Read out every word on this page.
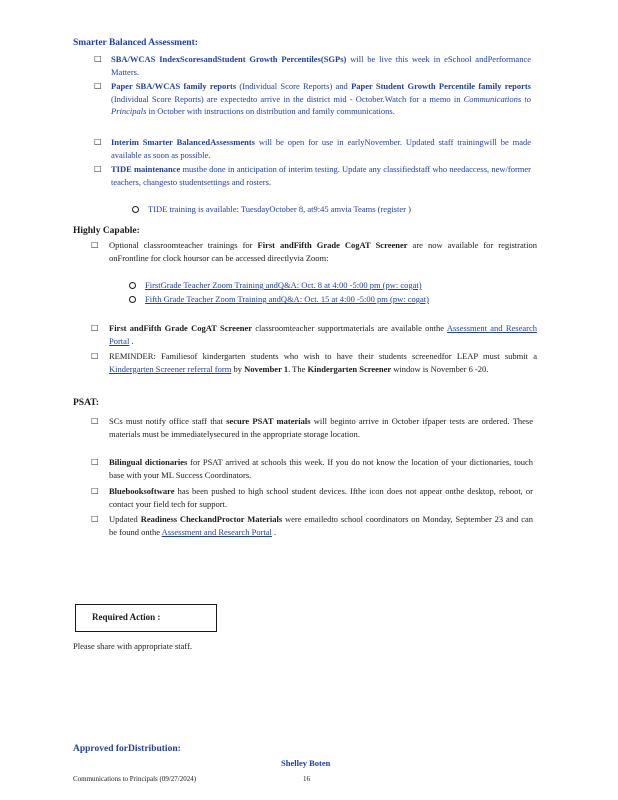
Smarter Balanced Assessment:
□ SBA/WCAS IndexScoresandStudent Growth Percentiles(SGPs) will be live this week in eSchool andPerformance Matters.
□ Paper SBA/WCAS family reports (Individual Score Reports) and Paper Student Growth Percentile family reports (Individual Score Reports) are expectedto arrive in the district mid - October.Watch for a memo in Communications to Principals in October with instructions on distribution and family communications.
□ Interim Smarter BalancedAssessments will be open for use in earlyNovember. Updated staff trainingwill be made available as soon as possible.
□ TIDE maintenance mustbe done in anticipation of interim testing. Update any classifiedstaff who needaccess, new/former teachers, changesto studentsettings and rosters.
TIDE training is available: TuesdayOctober 8, at9:45 amvia Teams (register )
Highly Capable:
□ Optional classroomteacher trainings for First andFifth Grade CogAT Screener are now available for registration onFrontline for clock hoursor can be accessed directlyvia Zoom:
FirstGrade Teacher Zoom Training andQ&A: Oct. 8 at 4:00 -5:00 pm (pw: cogat)
Fifth Grade Teacher Zoom Training andQ&A: Oct. 15 at 4:00 -5:00 pm (pw: cogat)
□ First andFifth Grade CogAT Screener classroomteacher supportmaterials are available onthe Assessment and Research Portal .
□ REMINDER: Familiesof kindergarten students who wish to have their students screenedfor LEAP must submit a Kindergarten Screener referral form by November 1. The Kindergarten Screener window is November 6 -20.
PSAT:
□ SCs must notify office staff that secure PSAT materials will beginto arrive in October ifpaper tests are ordered. These materials must be immediatelysecured in the appropriate storage location.
□ Bilingual dictionaries for PSAT arrived at schools this week. If you do not know the location of your dictionaries, touch base with your ML Success Coordinators.
□ Bluebooksoftware has been pushed to high school student devices. Ifthe icon does not appear onthe desktop, reboot, or contact your field tech for support.
□ Updated Readiness CheckandProctor Materials were emailedto school coordinators on Monday, September 23 and can be found onthe Assessment and Research Portal .
Required Action :
Please share with appropriate staff.
Approved forDistribution:
Shelley Boten
Communications to Principals (09/27/2024)	16
